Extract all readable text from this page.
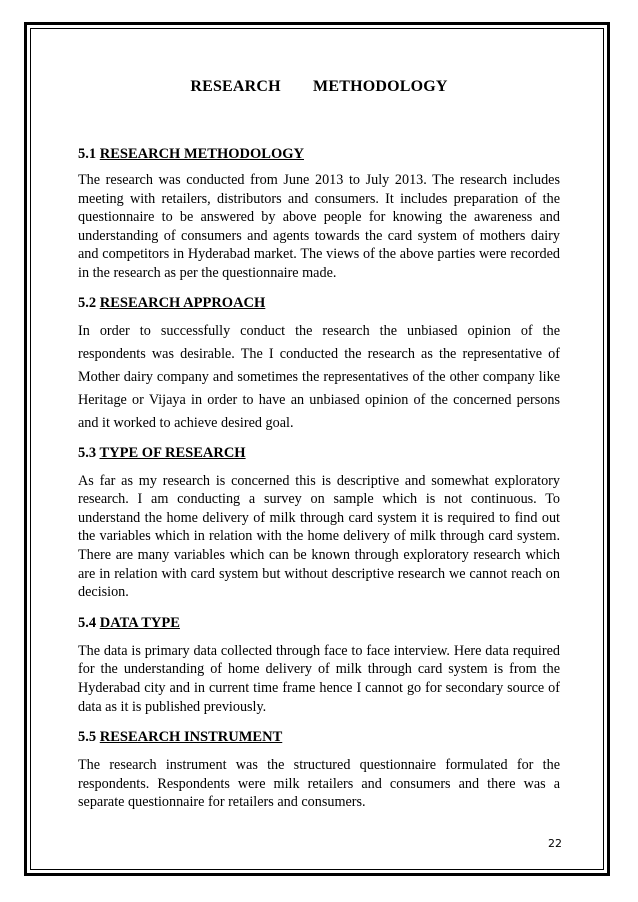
RESEARCH METHODOLOGY
5.1 RESEARCH METHODOLOGY

The research was conducted from June 2013 to July 2013. The research includes meeting with retailers, distributors and consumers. It includes preparation of the questionnaire to be answered by above people for knowing the awareness and understanding of consumers and agents towards the card system of mothers dairy and competitors in Hyderabad market. The views of the above parties were recorded in the research as per the questionnaire made.

5.2 RESEARCH APPROACH

In order to successfully conduct the research the unbiased opinion of the respondents was desirable. The I conducted the research as the representative of Mother dairy company and sometimes the representatives of the other company like Heritage or Vijaya in order to have an unbiased opinion of the concerned persons and it worked to achieve desired goal.

5.3 TYPE OF RESEARCH

As far as my research is concerned this is descriptive and somewhat exploratory research. I am conducting a survey on sample which is not continuous. To understand the home delivery of milk through card system it is required to find out the variables which in relation with the home delivery of milk through card system. There are many variables which can be known through exploratory research which are in relation with card system but without descriptive research we cannot reach on decision.

5.4 DATA TYPE

The data is primary data collected through face to face interview. Here data required for the understanding of home delivery of milk through card system is from the Hyderabad city and in current time frame hence I cannot go for secondary source of data as it is published previously.

5.5 RESEARCH INSTRUMENT

The research instrument was the structured questionnaire formulated for the respondents. Respondents were milk retailers and consumers and there was a separate questionnaire for retailers and consumers.

22
